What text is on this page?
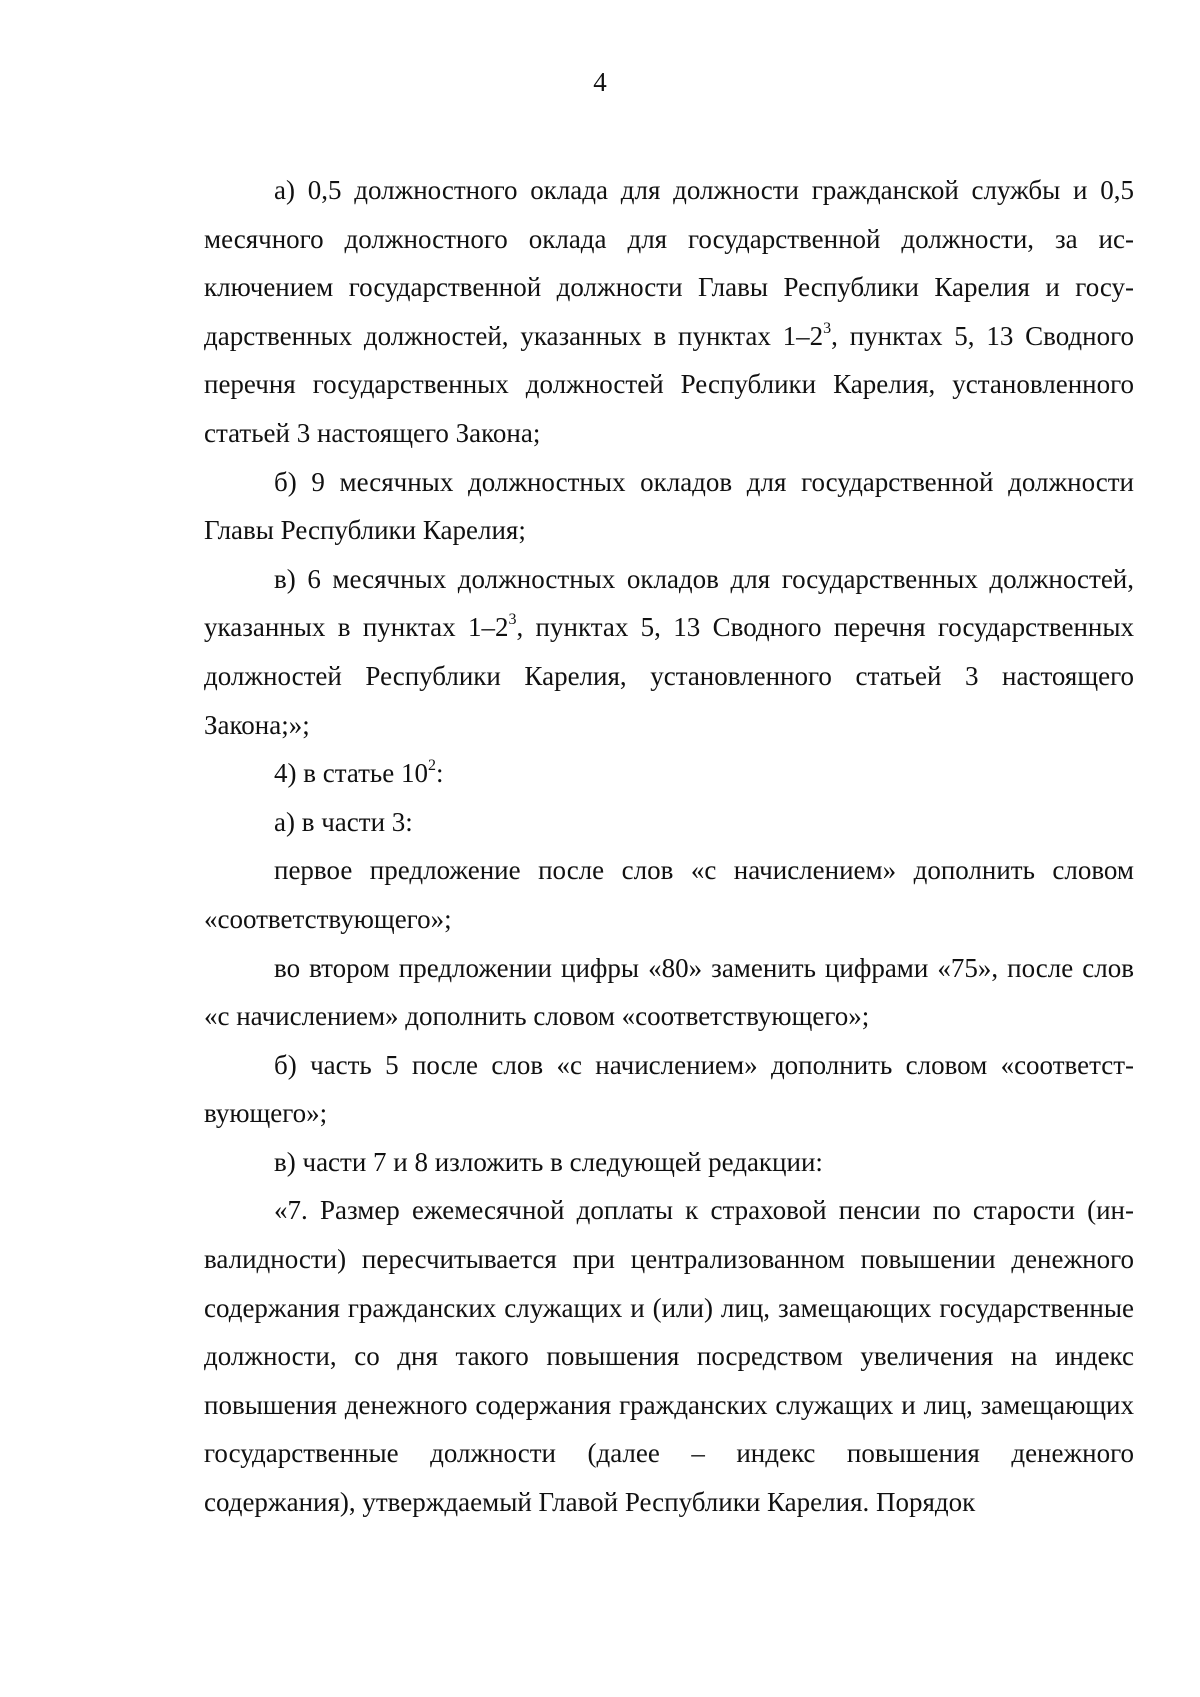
4

а) 0,5 должностного оклада для должности гражданской службы и 0,5 месячного должностного оклада для государственной должности, за исключением государственной должности Главы Республики Карелия и государственных должностей, указанных в пунктах $1-2^3$, пунктах 5, 13 Сводного перечня государственных должностей Республики Карелия, установленного статьей 3 настоящего Закона;

б) 9 месячных должностных окладов для государственной должности Главы Республики Карелия;

в) 6 месячных должностных окладов для государственных должностей, указанных в пунктах $1-2^3$, пунктах 5, 13 Сводного перечня государственных должностей Республики Карелия, установленного статьей 3 настоящего Закона;»;

4) в статье $10^2$:

а) в части 3:

первое предложение после слов «с начислением» дополнить словом «соответствующего»;

во втором предложении цифры «80» заменить цифрами «75», после слов «с начислением» дополнить словом «соответствующего»;

б) часть 5 после слов «с начислением» дополнить словом «соответствующего»;

в) части 7 и 8 изложить в следующей редакции:

«7. Размер ежемесячной доплаты к страховой пенсии по старости (инвалидности) пересчитывается при централизованном повышении денежного содержания гражданских служащих и (или) лиц, замещающих государственные должности, со дня такого повышения посредством увеличения на индекс повышения денежного содержания гражданских служащих и лиц, замещающих государственные должности (далее – индекс повышения денежного содержания), утверждаемый Главой Республики Карелия. Порядок
